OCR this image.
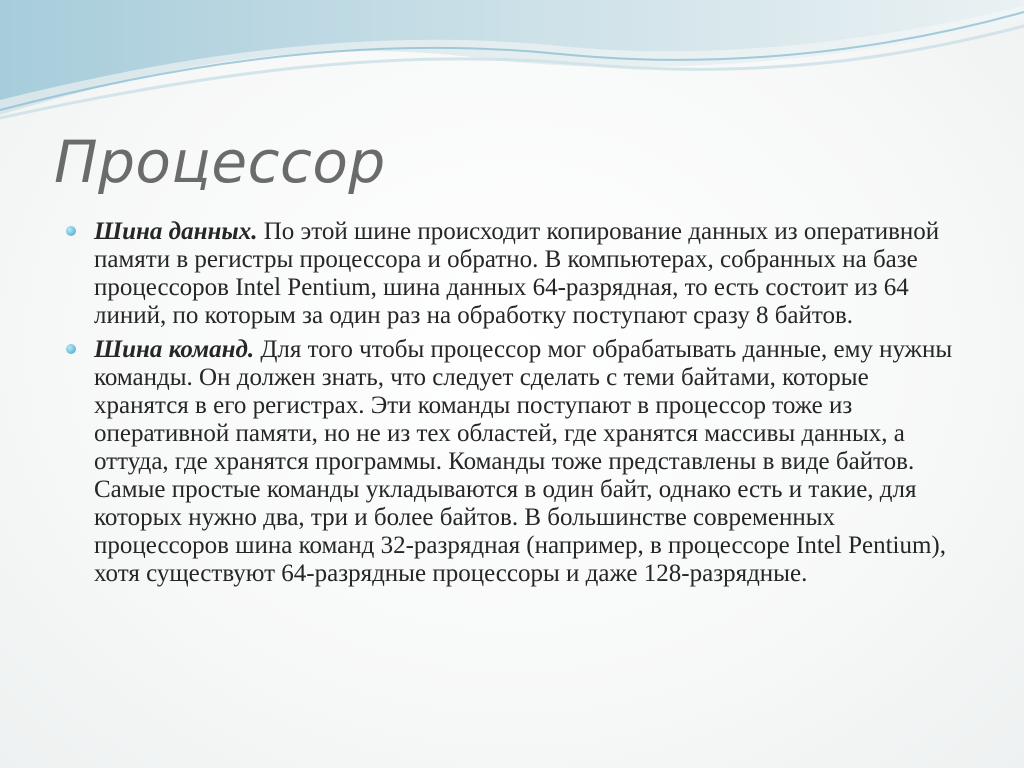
Процессор
Шина данных. По этой шине происходит копирование данных из оперативной памяти в регистры процессора и обратно. В компьютерах, собранных на базе процессоров Intel Pentium, шина данных 64-разрядная, то есть состоит из 64 линий, по которым за один раз на обработку поступают сразу 8 байтов.
Шина команд. Для того чтобы процессор мог обрабатывать данные, ему нужны команды. Он должен знать, что следует сделать с теми байтами, которые хранятся в его регистрах. Эти команды поступают в процессор тоже из оперативной памяти, но не из тех областей, где хранятся массивы данных, а оттуда, где хранятся программы. Команды тоже представлены в виде байтов. Самые простые команды укладываются в один байт, однако есть и такие, для которых нужно два, три и более байтов. В большинстве современных процессоров шина команд 32-разрядная (например, в процессоре Intel Pentium), хотя существуют 64-разрядные процессоры и даже 128-разрядные.
